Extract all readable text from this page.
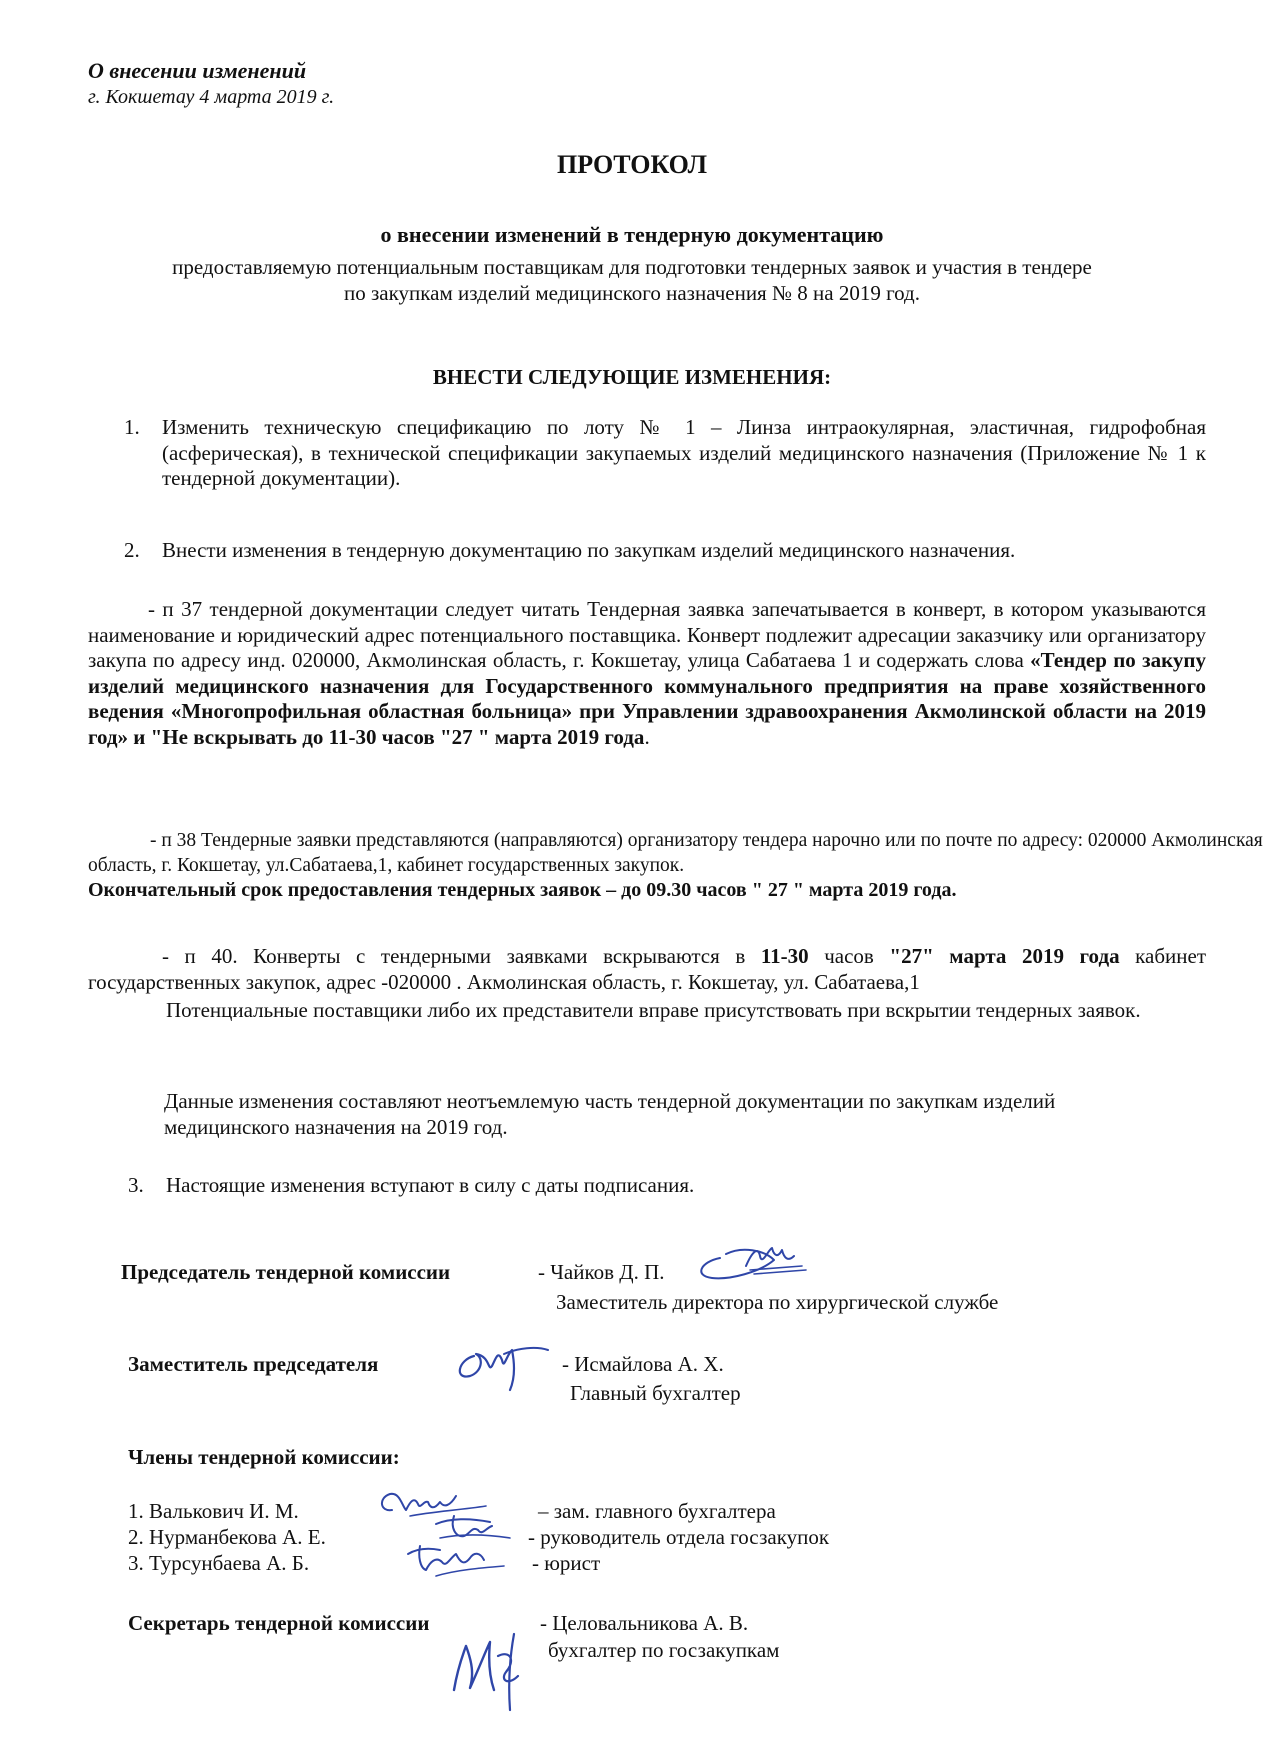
О внесении изменений
г. Кокшетау 4 марта 2019 г.
ПРОТОКОЛ
о внесении изменений в тендерную документацию
предоставляемую потенциальным поставщикам для подготовки тендерных заявок и участия в тендере
по закупкам изделий медицинского назначения № 8 на 2019 год.
ВНЕСТИ СЛЕДУЮЩИЕ ИЗМЕНЕНИЯ:
1. Изменить техническую спецификацию по лоту № 1 – Линза интраокулярная, эластичная, гидрофобная (асферическая), в технической спецификации закупаемых изделий медицинского назначения (Приложение № 1 к тендерной документации).
2. Внести изменения в тендерную документацию по закупкам изделий медицинского назначения.
- п 37 тендерной документации следует читать Тендерная заявка запечатывается в конверт, в котором указываются наименование и юридический адрес потенциального поставщика. Конверт подлежит адресации заказчику или организатору закупа по адресу инд. 020000, Акмолинская область, г. Кокшетау, улица Сабатаева 1 и содержать слова «Тендер по закупу изделий медицинского назначения для Государственного коммунального предприятия на праве хозяйственного ведения «Многопрофильная областная больница» при Управлении здравоохранения Акмолинской области на 2019 год» и "Не вскрывать до 11-30 часов "27 " марта 2019 года.
- п 38 Тендерные заявки представляются (направляются) организатору тендера нарочно или по почте по адресу: 020000 Акмолинская область, г. Кокшетау, ул.Сабатаева,1, кабинет государственных закупок.
Окончательный срок предоставления тендерных заявок – до 09.30 часов " 27 " марта 2019 года.
- п 40. Конверты с тендерными заявками вскрываются в 11-30 часов "27" марта 2019 года кабинет государственных закупок, адрес -020000 . Акмолинская область, г. Кокшетау, ул. Сабатаева,1
Потенциальные поставщики либо их представители вправе присутствовать при вскрытии тендерных заявок.
Данные изменения составляют неотъемлемую часть тендерной документации по закупкам изделий медицинского назначения на 2019 год.
3. Настоящие изменения вступают в силу с даты подписания.
Председатель тендерной комиссии	- Чайков Д. П.
Заместитель директора по хирургической службе
Заместитель председателя	- Исмайлова А. Х.
Главный бухгалтер
Члены тендерной комиссии:
1. Валькович И. М.	– зам. главного бухгалтера
2. Нурманбекова А. Е.	- руководитель отдела госзакупок
3. Турсунбаева А. Б.	- юрист
Секретарь тендерной комиссии	- Целовальникова А. В.
бухгалтер по госзакупкам
